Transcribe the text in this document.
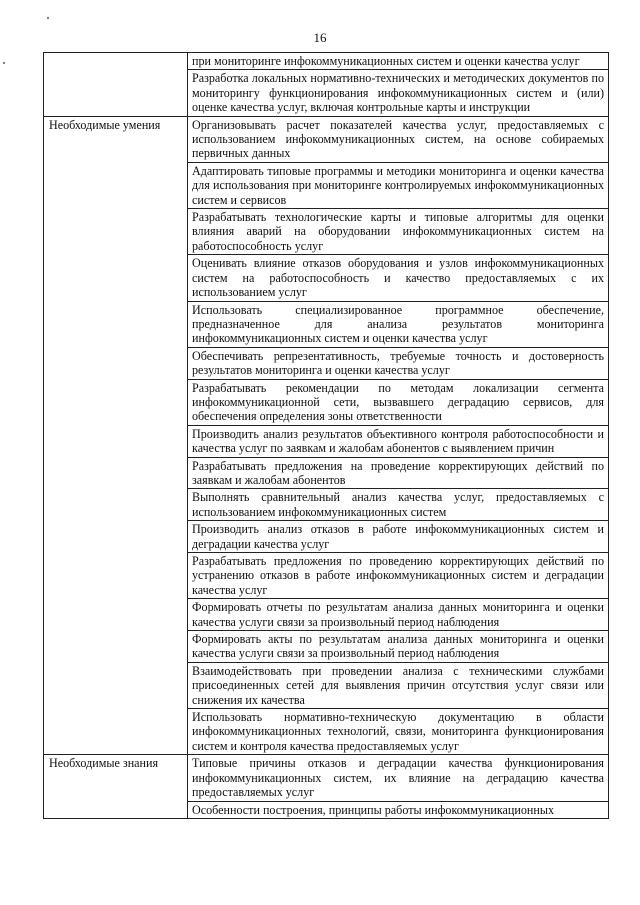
16
	при мониторинге инфокоммуникационных систем и оценки качества услуг
	Разработка локальных нормативно-технических и методических документов по мониторингу функционирования инфокоммуникационных систем и (или) оценке качества услуг, включая контрольные карты и инструкции
Необходимые умения	Организовывать расчет показателей качества услуг, предоставляемых с использованием инфокоммуникационных систем, на основе собираемых первичных данных
	Адаптировать типовые программы и методики мониторинга и оценки качества для использования при мониторинге контролируемых инфокоммуникационных систем и сервисов
	Разрабатывать технологические карты и типовые алгоритмы для оценки влияния аварий на оборудовании инфокоммуникационных систем на работоспособность услуг
	Оценивать влияние отказов оборудования и узлов инфокоммуникационных систем на работоспособность и качество предоставляемых с их использованием услуг
	Использовать специализированное программное обеспечение, предназначенное для анализа результатов мониторинга инфокоммуникационных систем и оценки качества услуг
	Обеспечивать репрезентативность, требуемые точность и достоверность результатов мониторинга и оценки качества услуг
	Разрабатывать рекомендации по методам локализации сегмента инфокоммуникационной сети, вызвавшего деградацию сервисов, для обеспечения определения зоны ответственности
	Производить анализ результатов объективного контроля работоспособности и качества услуг по заявкам и жалобам абонентов с выявлением причин
	Разрабатывать предложения на проведение корректирующих действий по заявкам и жалобам абонентов
	Выполнять сравнительный анализ качества услуг, предоставляемых с использованием инфокоммуникационных систем
	Производить анализ отказов в работе инфокоммуникационных систем и деградации качества услуг
	Разрабатывать предложения по проведению корректирующих действий по устранению отказов в работе инфокоммуникационных систем и деградации качества услуг
	Формировать отчеты по результатам анализа данных мониторинга и оценки качества услуги связи за произвольный период наблюдения
	Формировать акты по результатам анализа данных мониторинга и оценки качества услуги связи за произвольный период наблюдения
	Взаимодействовать при проведении анализа с техническими службами присоединенных сетей для выявления причин отсутствия услуг связи или снижения их качества
	Использовать нормативно-техническую документацию в области инфокоммуникационных технологий, связи, мониторинга функционирования систем и контроля качества предоставляемых услуг
Необходимые знания	Типовые причины отказов и деградации качества функционирования инфокоммуникационных систем, их влияние на деградацию качества предоставляемых услуг
	Особенности построения, принципы работы инфокоммуникационных
